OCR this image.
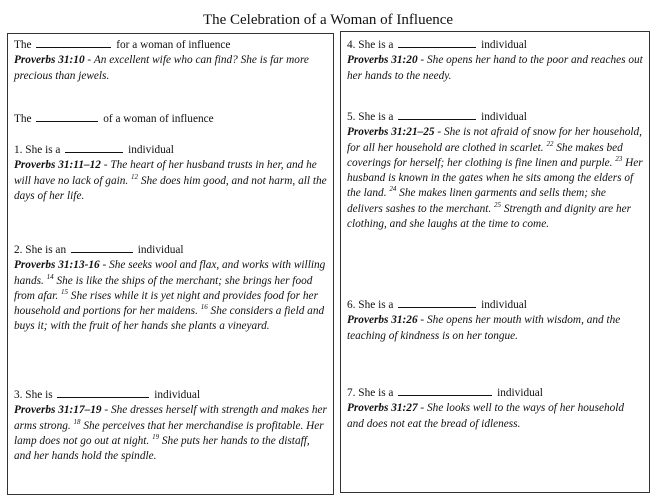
The Celebration of a Woman of Influence
The	for a woman of influence
Proverbs 31:10 - An excellent wife who can find? She is far more precious than jewels.
The	of a woman of influence
1. She is a	individual
Proverbs 31:11–12 - The heart of her husband trusts in her, and he will have no lack of gain. $^{12}$ She does him good, and not harm, all the days of her life.
2. She is an	individual
Proverbs 31:13-16 - She seeks wool and flax, and works with willing hands. $^{14}$ She is like the ships of the merchant; she brings her food from afar. $^{15}$ She rises while it is yet night and provides food for her household and portions for her maidens. $^{16}$ She considers a field and buys it; with the fruit of her hands she plants a vineyard.
3. She is	individual
Proverbs 31:17–19 - She dresses herself with strength and makes her arms strong. $^{18}$ She perceives that her merchandise is profitable. Her lamp does not go out at night. $^{19}$ She puts her hands to the distaff, and her hands hold the spindle.
4. She is a	individual
Proverbs 31:20 - She opens her hand to the poor and reaches out her hands to the needy.
5. She is a	individual
Proverbs 31:21–25 - She is not afraid of snow for her household, for all her household are clothed in scarlet. $^{22}$ She makes bed coverings for herself; her clothing is fine linen and purple. $^{23}$ Her husband is known in the gates when he sits among the elders of the land. $^{24}$ She makes linen garments and sells them; she delivers sashes to the merchant. $^{25}$ Strength and dignity are her clothing, and she laughs at the time to come.
6. She is a	individual
Proverbs 31:26 - She opens her mouth with wisdom, and the teaching of kindness is on her tongue.
7. She is a	individual
Proverbs 31:27 - She looks well to the ways of her household and does not eat the bread of idleness.
